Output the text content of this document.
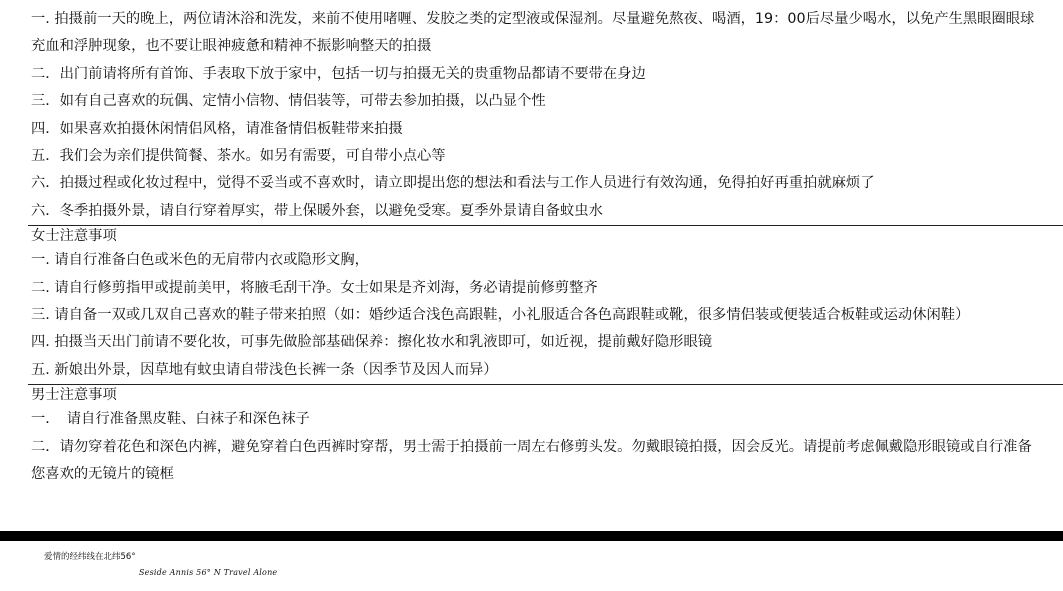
一. 拍摄前一天的晚上，两位请沐浴和洗发，来前不使用啫喱、发胶之类的定型液或保湿剂。尽量避免熬夜、喝酒，19：00后尽量少喝水，以免产生黑眼圈眼球充血和浮肿现象，也不要让眼神疲惫和精神不振影响整天的拍摄
二．出门前请将所有首饰、手表取下放于家中，包括一切与拍摄无关的贵重物品都请不要带在身边
三．如有自己喜欢的玩偶、定情小信物、情侣装等，可带去参加拍摄，以凸显个性
四．如果喜欢拍摄休闲情侣风格，请准备情侣板鞋带来拍摄
五．我们会为亲们提供简餐、茶水。如另有需要，可自带小点心等
六．拍摄过程或化妆过程中，觉得不妥当或不喜欢时，请立即提出您的想法和看法与工作人员进行有效沟通，免得拍好再重拍就麻烦了
六．冬季拍摄外景，请自行穿着厚实，带上保暖外套，以避免受寒。夏季外景请自备蚊虫水
女士注意事项
一. 请自行准备白色或米色的无肩带内衣或隐形文胸，
二. 请自行修剪指甲或提前美甲，将腋毛刮干净。女士如果是齐刘海，务必请提前修剪整齐
三. 请自备一双或几双自己喜欢的鞋子带来拍照（如：婚纱适合浅色高跟鞋，小礼服适合各色高跟鞋或靴，很多情侣装或便装适合板鞋或运动休闲鞋）
四. 拍摄当天出门前请不要化妆，可事先做脸部基础保养：擦化妆水和乳液即可，如近视，提前戴好隐形眼镜
五. 新娘出外景，因草地有蚊虫请自带浅色长裤一条（因季节及因人而异）
男士注意事项
一．　请自行准备黑皮鞋、白袜子和深色袜子
二．请勿穿着花色和深色内裤，避免穿着白色西裤时穿帮，男士需于拍摄前一周左右修剪头发。勿戴眼镜拍摄，因会反光。请提前考虑佩戴隐形眼镜或自行准备您喜欢的无镜片的镜框
爱情的经纬线在北纬56°
Seside Annis 56° N Travel Alone
